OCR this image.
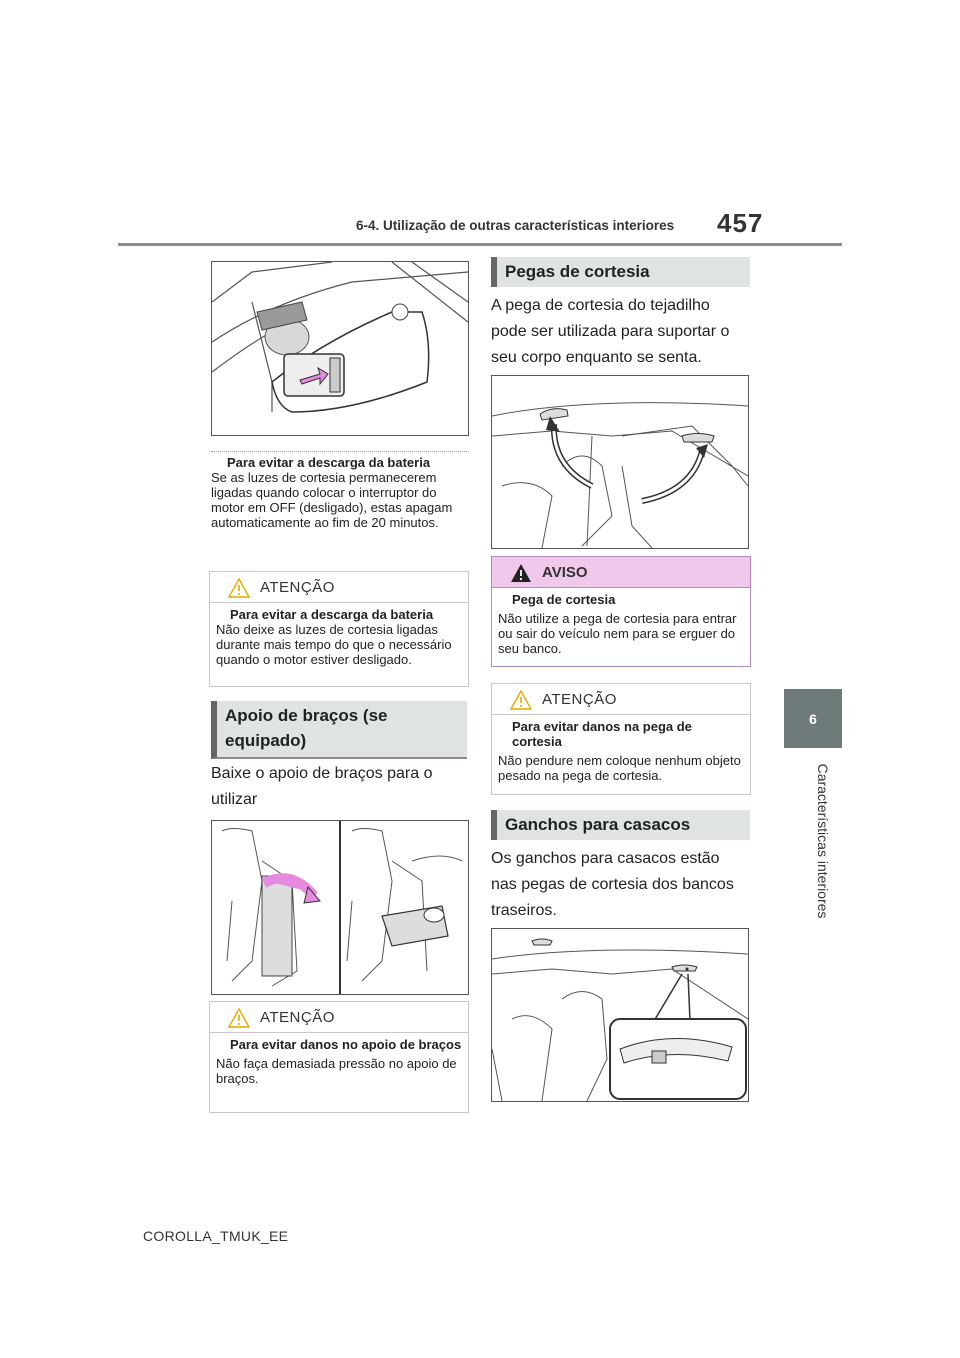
6-4. Utilização de outras características interiores 457
6
Características interiores
Para evitar a descarga da bateria
Se as luzes de cortesia permanecerem ligadas quando colocar o interruptor do motor em OFF (desligado), estas apagam automaticamente ao fim de 20 minutos.
ATENÇÃO
Para evitar a descarga da bateria
Não deixe as luzes de cortesia ligadas durante mais tempo do que o necessário quando o motor estiver desligado.
Apoio de braços (se equipado)
Baixe o apoio de braços para o utilizar
ATENÇÃO
Para evitar danos no apoio de braços
Não faça demasiada pressão no apoio de braços.
Pegas de cortesia
A pega de cortesia do tejadilho pode ser utilizada para suportar o seu corpo enquanto se senta.
AVISO
Pega de cortesia
Não utilize a pega de cortesia para entrar ou sair do veículo nem para se erguer do seu banco.
ATENÇÃO
Para evitar danos na pega de cortesia
Não pendure nem coloque nenhum objeto pesado na pega de cortesia.
Ganchos para casacos
Os ganchos para casacos estão nas pegas de cortesia dos bancos traseiros.
COROLLA_TMUK_EE
